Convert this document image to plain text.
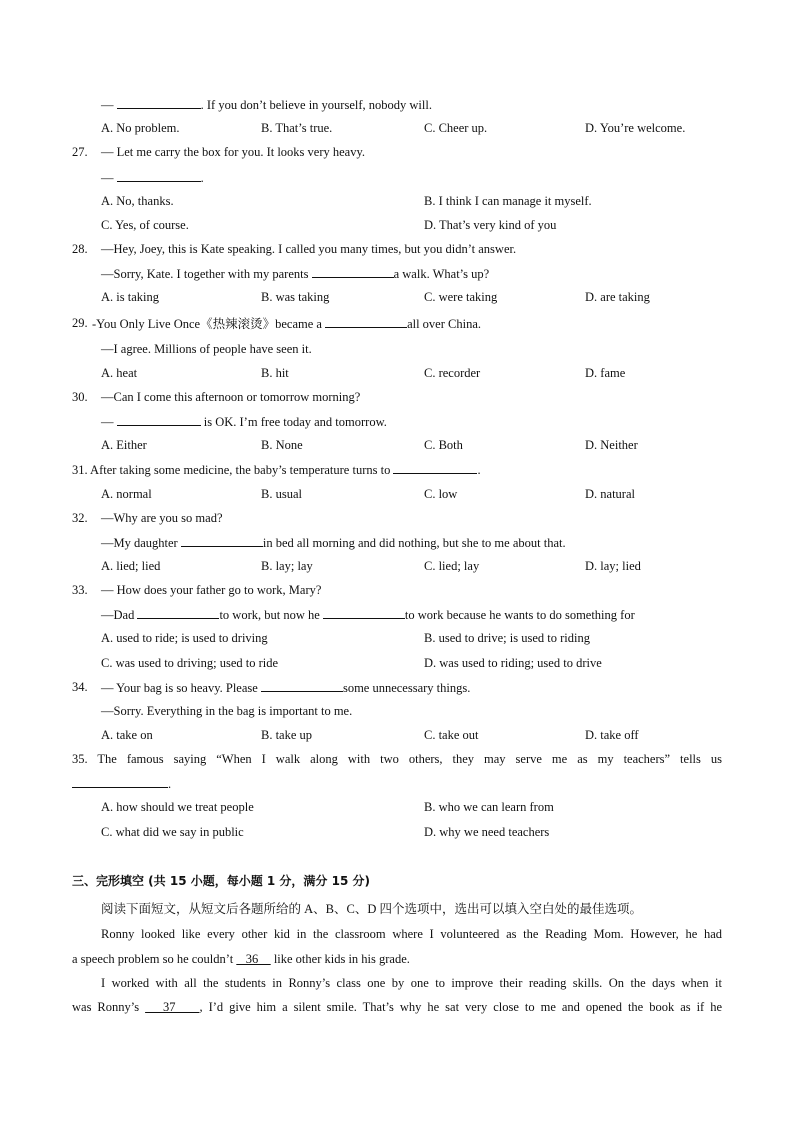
—	. If you don’t believe in yourself, nobody will.
A. No problem.	B. That’s true.	C. Cheer up.	D. You’re welcome.
27. — Let me carry the box for you. It looks very heavy.
—	.
A. No, thanks.	B. I think I can manage it myself.
C. Yes, of course.	D. That’s very kind of you
28. —Hey, Joey, this is Kate speaking. I called you many times, but you didn’t answer.
—Sorry, Kate. I together with my parents	a walk. What’s up?
A. is taking	B. was taking	C. were taking	D. are taking
29. -You Only Live Once《热辣滚烫》became a	all over China.
—I agree. Millions of people have seen it.
A. heat	B. hit	C. recorder	D. fame
30. —Can I come this afternoon or tomorrow morning?
—	is OK. I’m free today and tomorrow.
A. Either	B. None	C. Both	D. Neither
31. After taking some medicine, the baby’s temperature turns to	.
A. normal	B. usual	C. low	D. natural
32. —Why are you so mad?
—My daughter	in bed all morning and did nothing, but she to me about that.
A. lied; lied	B. lay; lay	C. lied; lay	D. lay; lied
33. — How does your father go to work, Mary?
—Dad	to work, but now he	to work because he wants to do something for
A. used to ride; is used to driving	B. used to drive; is used to riding
C. was used to driving; used to ride	D. was used to riding; used to drive
34. — Your bag is so heavy. Please	some unnecessary things.
—Sorry. Everything in the bag is important to me.
A. take on	B. take up	C. take out	D. take off
35. The famous saying “When I walk along with two others, they may serve me as my teachers” tells us
.
A. how should we treat people	B. who we can learn from
C. what did we say in public	D. why we need teachers
三、完形填空 (共 15 小题，每小题 1 分，满分 15 分)
阅读下面短文，从短文后各题所给的 A、B、C、D 四个选项中，选出可以填入空白处的最佳选项。
Ronny looked like every other kid in the classroom where I volunteered as the Reading Mom. However, he had
a speech problem so he couldn’t    36     like other kids in his grade.
I worked with all the students in Ronny’s class one by one to improve their reading skills. On the days when it
was Ronny’s    37    , I’d give him a silent smile. That’s why he sat very close to me and opened the book as if he
